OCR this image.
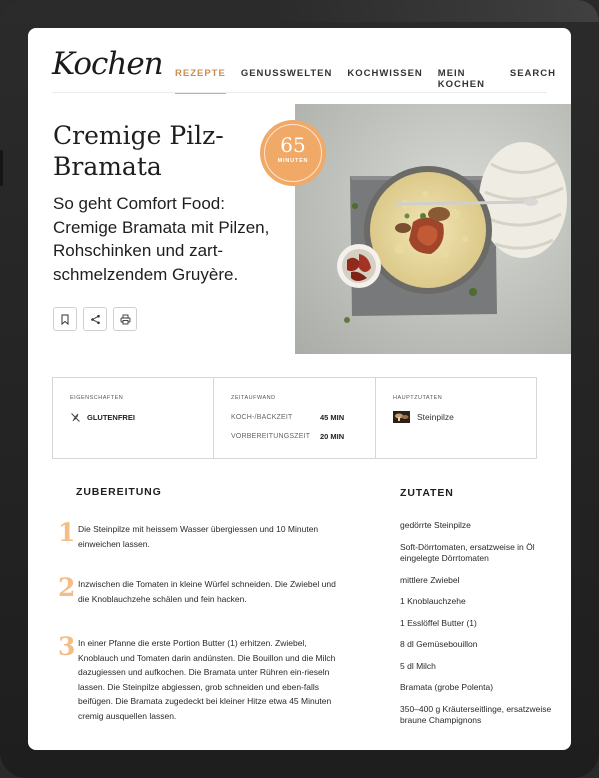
Kochen REZEPTE GENUSSWELTEN KOCHWISSEN MEIN KOCHEN
SEARCH
Cremige Pilz-Bramata
So geht Comfort Food: Cremige Bramata mit Pilzen, Rohschinken und zart-schmelzendem Gruyère.
65
MINUTEN
EIGENSCHAFTEN
GLUTENFREI
ZEITAUFWAND
KOCH-/BACKZEIT	45 MIN
VORBEREITUNGSZEIT	20 MIN
HAUPTZUTATEN
Steinpilze
ZUBEREITUNG
1 Die Steinpilze mit heissem Wasser übergiessen und 10 Minuten einweichen lassen.
2 Inzwischen die Tomaten in kleine Würfel schneiden. Die Zwiebel und die Knoblauchzehe schälen und fein hacken.
3 In einer Pfanne die erste Portion Butter (1) erhitzen. Zwiebel, Knoblauch und Tomaten darin andünsten. Die Bouillon und die Milch dazugiessen und aufkochen. Die Bramata unter Rühren ein-rieseln lassen. Die Steinpilze abgiessen, grob schneiden und eben-falls beifügen. Die Bramata zugedeckt bei kleiner Hitze etwa 45 Minuten cremig ausquellen lassen.
ZUTATEN
gedörrte Steinpilze
Soft-Dörrtomaten, ersatzweise in Öl eingelegte Dörrtomaten
mittlere Zwiebel
1 Knoblauchzehe
1 Esslöffel Butter (1)
8 dl Gemüsebouillon
5 dl Milch
Bramata (grobe Polenta)
350–400 g Kräuterseitlinge, ersatzweise braune Champignons
